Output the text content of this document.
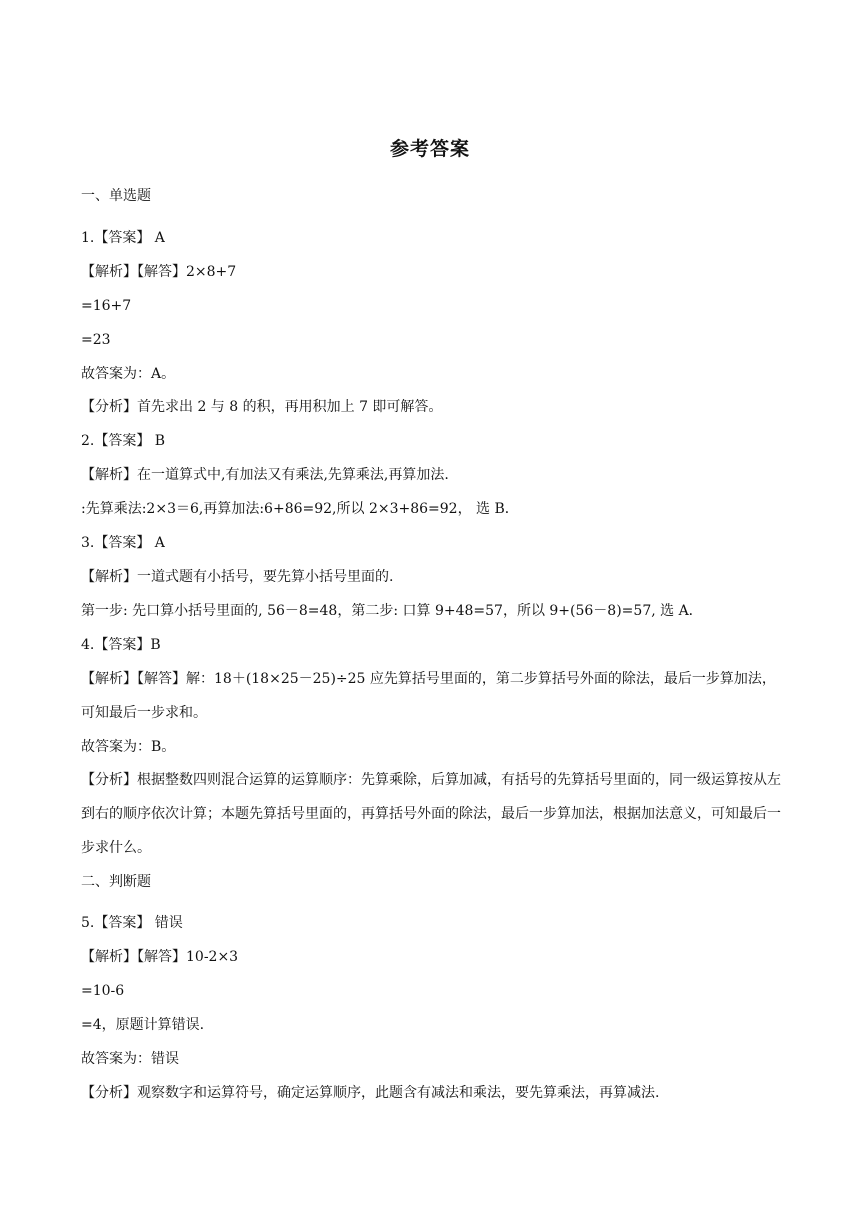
参考答案
一、单选题
1.【答案】 A
【解析】【解答】2×8+7
=16+7
=23
故答案为：A。
【分析】首先求出 2 与 8 的积，再用积加上 7 即可解答。
2.【答案】 B
【解析】在一道算式中,有加法又有乘法,先算乘法,再算加法.
:先算乘法:2×3＝6,再算加法:6+86=92,所以 2×3+86=92， 选 B．
3.【答案】 A
【解析】一道式题有小括号，要先算小括号里面的.
第一步: 先口算小括号里面的, 56－8=48，第二步: 口算 9+48=57，所以 9+(56－8)=57, 选 A．
4.【答案】B
【解析】【解答】解：18＋(18×25－25)÷25 应先算括号里面的，第二步算括号外面的除法，最后一步算加法，可知最后一步求和。
故答案为：B。
【分析】根据整数四则混合运算的运算顺序：先算乘除，后算加减，有括号的先算括号里面的，同一级运算按从左到右的顺序依次计算；本题先算括号里面的，再算括号外面的除法，最后一步算加法，根据加法意义，可知最后一步求什么。
二、判断题
5.【答案】 错误
【解析】【解答】10-2×3
=10-6
=4，原题计算错误.
故答案为：错误
【分析】观察数字和运算符号，确定运算顺序，此题含有减法和乘法，要先算乘法，再算减法.
